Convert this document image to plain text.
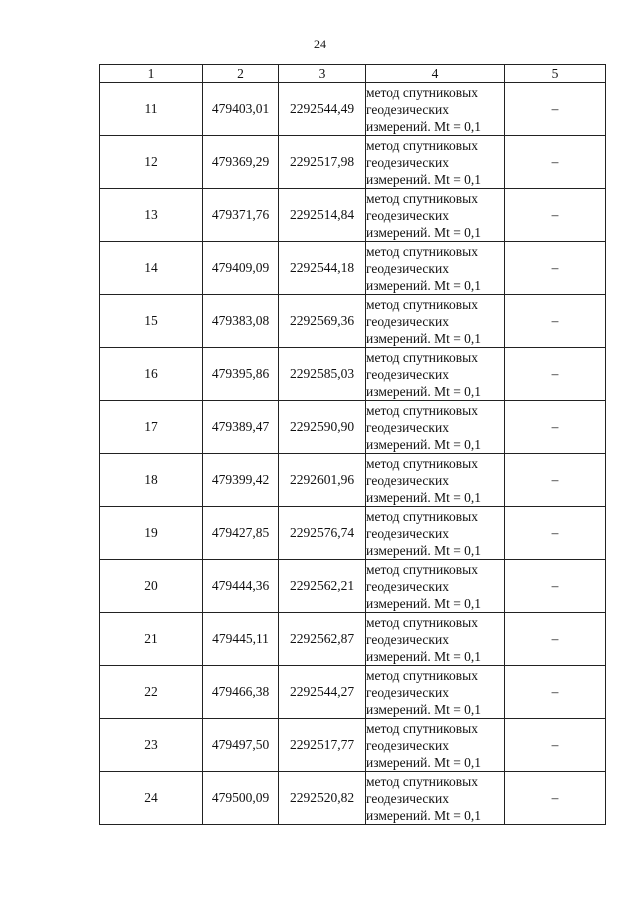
24
1	2	3	4	5
11	479403,01	2292544,49	метод спутниковых
геодезических
измерений. Mt = 0,1	–
12	479369,29	2292517,98	метод спутниковых
геодезических
измерений. Mt = 0,1	–
13	479371,76	2292514,84	метод спутниковых
геодезических
измерений. Mt = 0,1	–
14	479409,09	2292544,18	метод спутниковых
геодезических
измерений. Mt = 0,1	–
15	479383,08	2292569,36	метод спутниковых
геодезических
измерений. Mt = 0,1	–
16	479395,86	2292585,03	метод спутниковых
геодезических
измерений. Mt = 0,1	–
17	479389,47	2292590,90	метод спутниковых
геодезических
измерений. Mt = 0,1	–
18	479399,42	2292601,96	метод спутниковых
геодезических
измерений. Mt = 0,1	–
19	479427,85	2292576,74	метод спутниковых
геодезических
измерений. Mt = 0,1	–
20	479444,36	2292562,21	метод спутниковых
геодезических
измерений. Mt = 0,1	–
21	479445,11	2292562,87	метод спутниковых
геодезических
измерений. Mt = 0,1	–
22	479466,38	2292544,27	метод спутниковых
геодезических
измерений. Mt = 0,1	–
23	479497,50	2292517,77	метод спутниковых
геодезических
измерений. Mt = 0,1	–
24	479500,09	2292520,82	метод спутниковых
геодезических
измерений. Mt = 0,1	–
